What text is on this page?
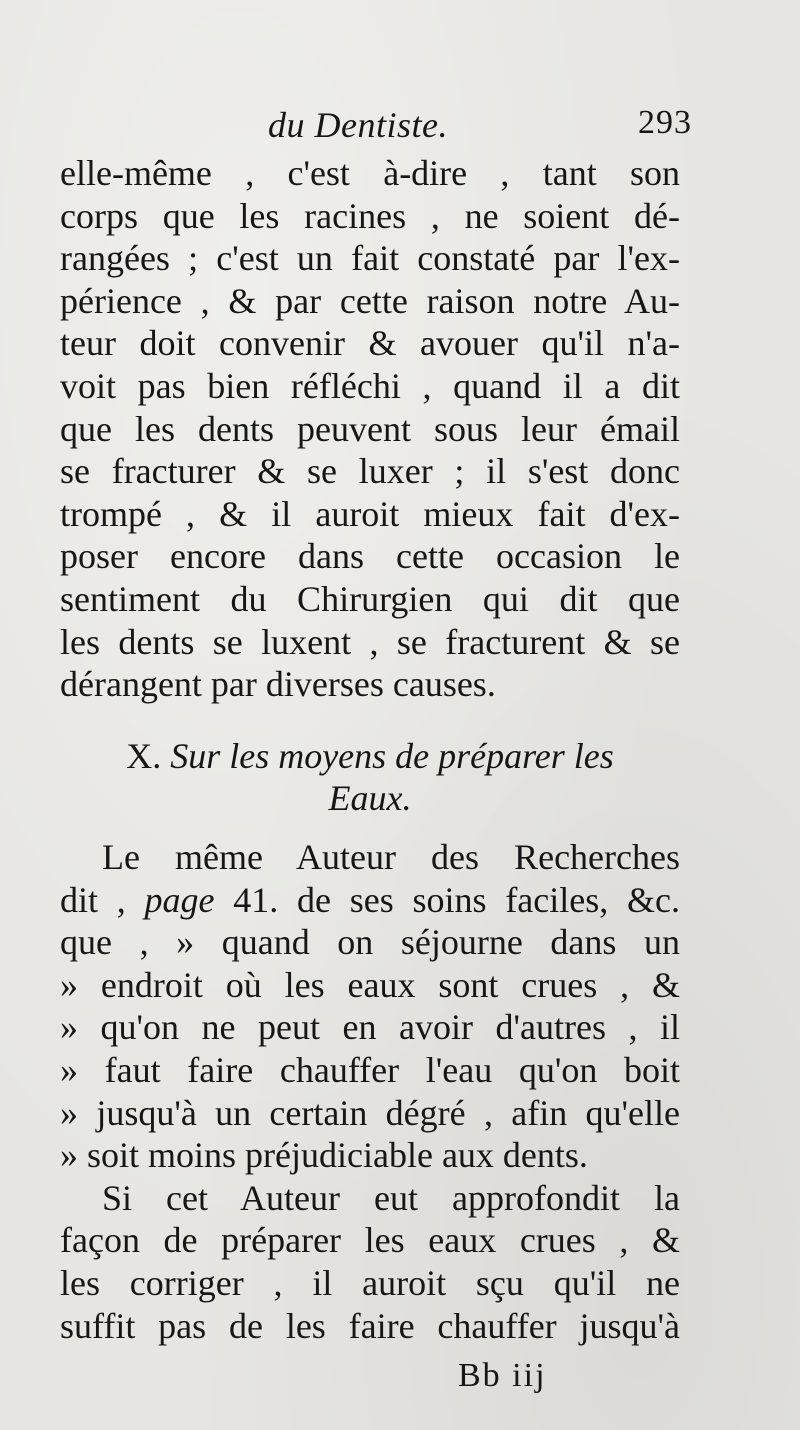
du Dentiste.	293
elle-même , c'est à-dire , tant son
corps que les racines , ne soient dé-
rangées ; c'est un fait constaté par l'ex-
périence , & par cette raison notre Au-
teur doit convenir & avouer qu'il n'a-
voit pas bien réfléchi , quand il a dit
que les dents peuvent sous leur émail
se fracturer & se luxer ; il s'est donc
trompé , & il auroit mieux fait d'ex-
poser encore dans cette occasion le
sentiment du Chirurgien qui dit que
les dents se luxent , se fracturent & se
dérangent par diverses causes.
X. Sur les moyens de préparer les
Eaux.
Le même Auteur des Recherches
dit , page 41. de ses soins faciles, &c.
que , » quand on séjourne dans un
» endroit où les eaux sont crues , &
» qu'on ne peut en avoir d'autres , il
» faut faire chauffer l'eau qu'on boit
» jusqu'à un certain dégré , afin qu'elle
» soit moins préjudiciable aux dents.
Si cet Auteur eut approfondit la
façon de préparer les eaux crues , &
les corriger , il auroit sçu qu'il ne
suffit pas de les faire chauffer jusqu'à
Bb iij
